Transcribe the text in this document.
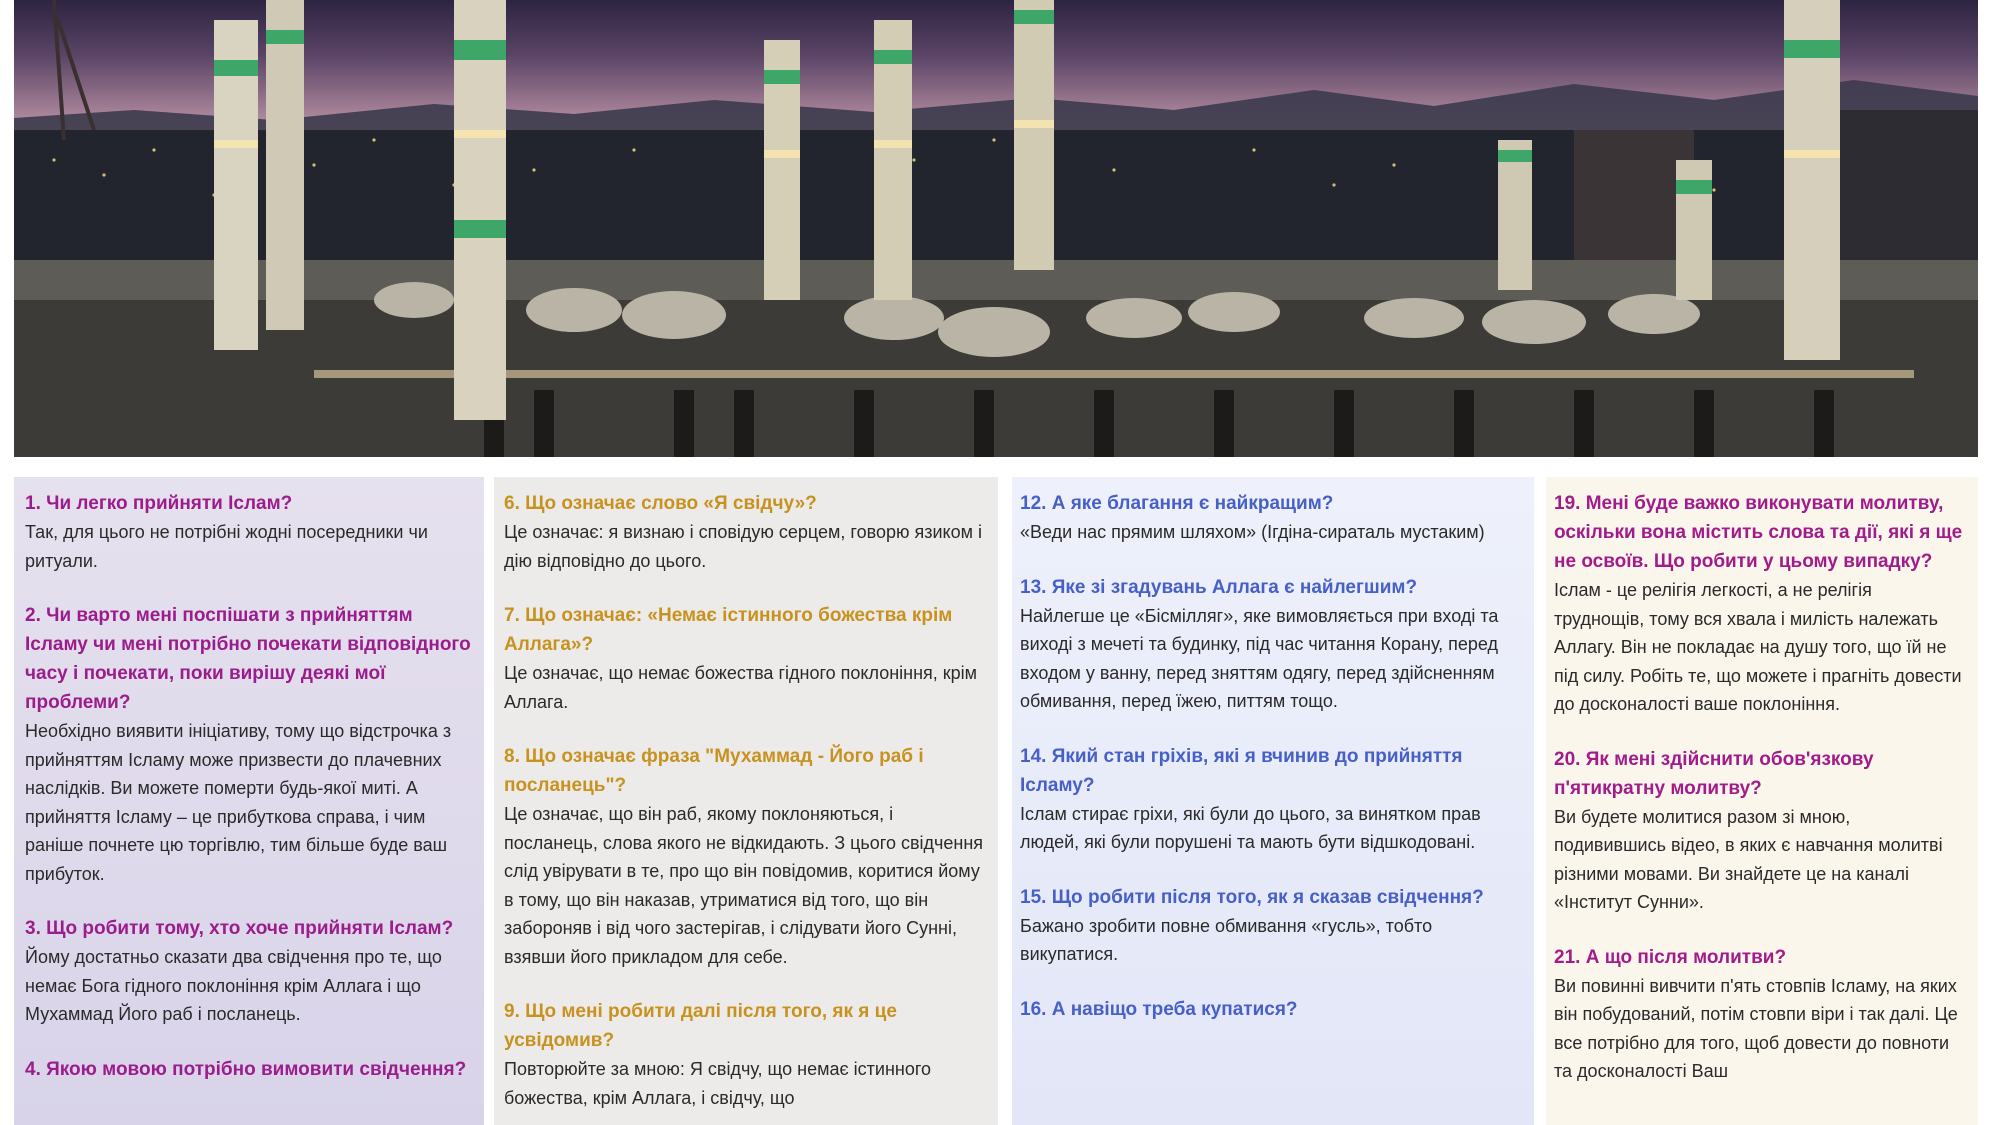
1. Чи легко прийняти Іслам?
Так, для цього не потрібні жодні посередники чи ритуали.
2. Чи варто мені поспішати з прийняттям Ісламу чи мені потрібно почекати відповідного часу і почекати, поки вирішу деякі мої проблеми?
Необхідно виявити ініціативу, тому що відстрочка з прийняттям Ісламу може призвести до плачевних наслідків. Ви можете померти будь-якої миті. А прийняття Ісламу – це прибуткова справа, і чим раніше почнете цю торгівлю, тим більше буде ваш прибуток.
3. Що робити тому, хто хоче прийняти Іслам?
Йому достатньо сказати два свідчення про те, що немає Бога гідного поклоніння крім Аллага і що Мухаммад Його раб і посланець.
4. Якою мовою потрібно вимовити свідчення?
6. Що означає слово «Я свідчу»?
Це означає: я визнаю і сповідую серцем, говорю язиком і дію відповідно до цього.
7. Що означає: «Немає істинного божества крім Аллага»?
Це означає, що немає божества гідного поклоніння, крім Аллага.
8. Що означає фраза "Мухаммад - Його раб і посланець"?
Це означає, що він раб, якому поклоняються, і посланець, слова якого не відкидають. З цього свідчення слід увірувати в те, про що він повідомив, коритися йому в тому, що він наказав, утриматися від того, що він забороняв і від чого застерігав, і слідувати його Сунні, взявши його прикладом для себе.
9. Що мені робити далі після того, як я це усвідомив?
Повторюйте за мною: Я свідчу, що немає істинного божества, крім Аллага, і свідчу, що
12. А яке благання є найкращим?
«Веди нас прямим шляхом» (Ігдіна-сираталь мустаким)
13. Яке зі згадувань Аллага є найлегшим?
Найлегше це «Бісмілляг», яке вимовляється при вході та виході з мечеті та будинку, під час читання Корану, перед входом у ванну, перед зняттям одягу, перед здійсненням обмивання, перед їжею, питтям тощо.
14. Який стан гріхів, які я вчинив до прийняття Ісламу?
Іслам стирає гріхи, які були до цього, за винятком прав людей, які були порушені та мають бути відшкодовані.
15. Що робити після того, як я сказав свідчення?
Бажано зробити повне обмивання «гусль», тобто викупатися.
16. А навіщо треба купатися?
19. Мені буде важко виконувати молитву, оскільки вона містить слова та дії, які я ще не освоїв. Що робити у цьому випадку?
Іслам - це релігія легкості, а не релігія труднощів, тому вся хвала і милість належать Аллагу. Він не покладає на душу того, що їй не під силу. Робіть те, що можете і прагніть довести до досконалості ваше поклоніння.
20. Як мені здійснити обов'язкову п'ятикратну молитву?
Ви будете молитися разом зі мною, подивившись відео, в яких є навчання молитві різними мовами. Ви знайдете це на каналі «Інститут Сунни».
21. А що після молитви?
Ви повинні вивчити п'ять стовпів Ісламу, на яких він побудований, потім стовпи віри і так далі. Це все потрібно для того, щоб довести до повноти та досконалості Ваш
